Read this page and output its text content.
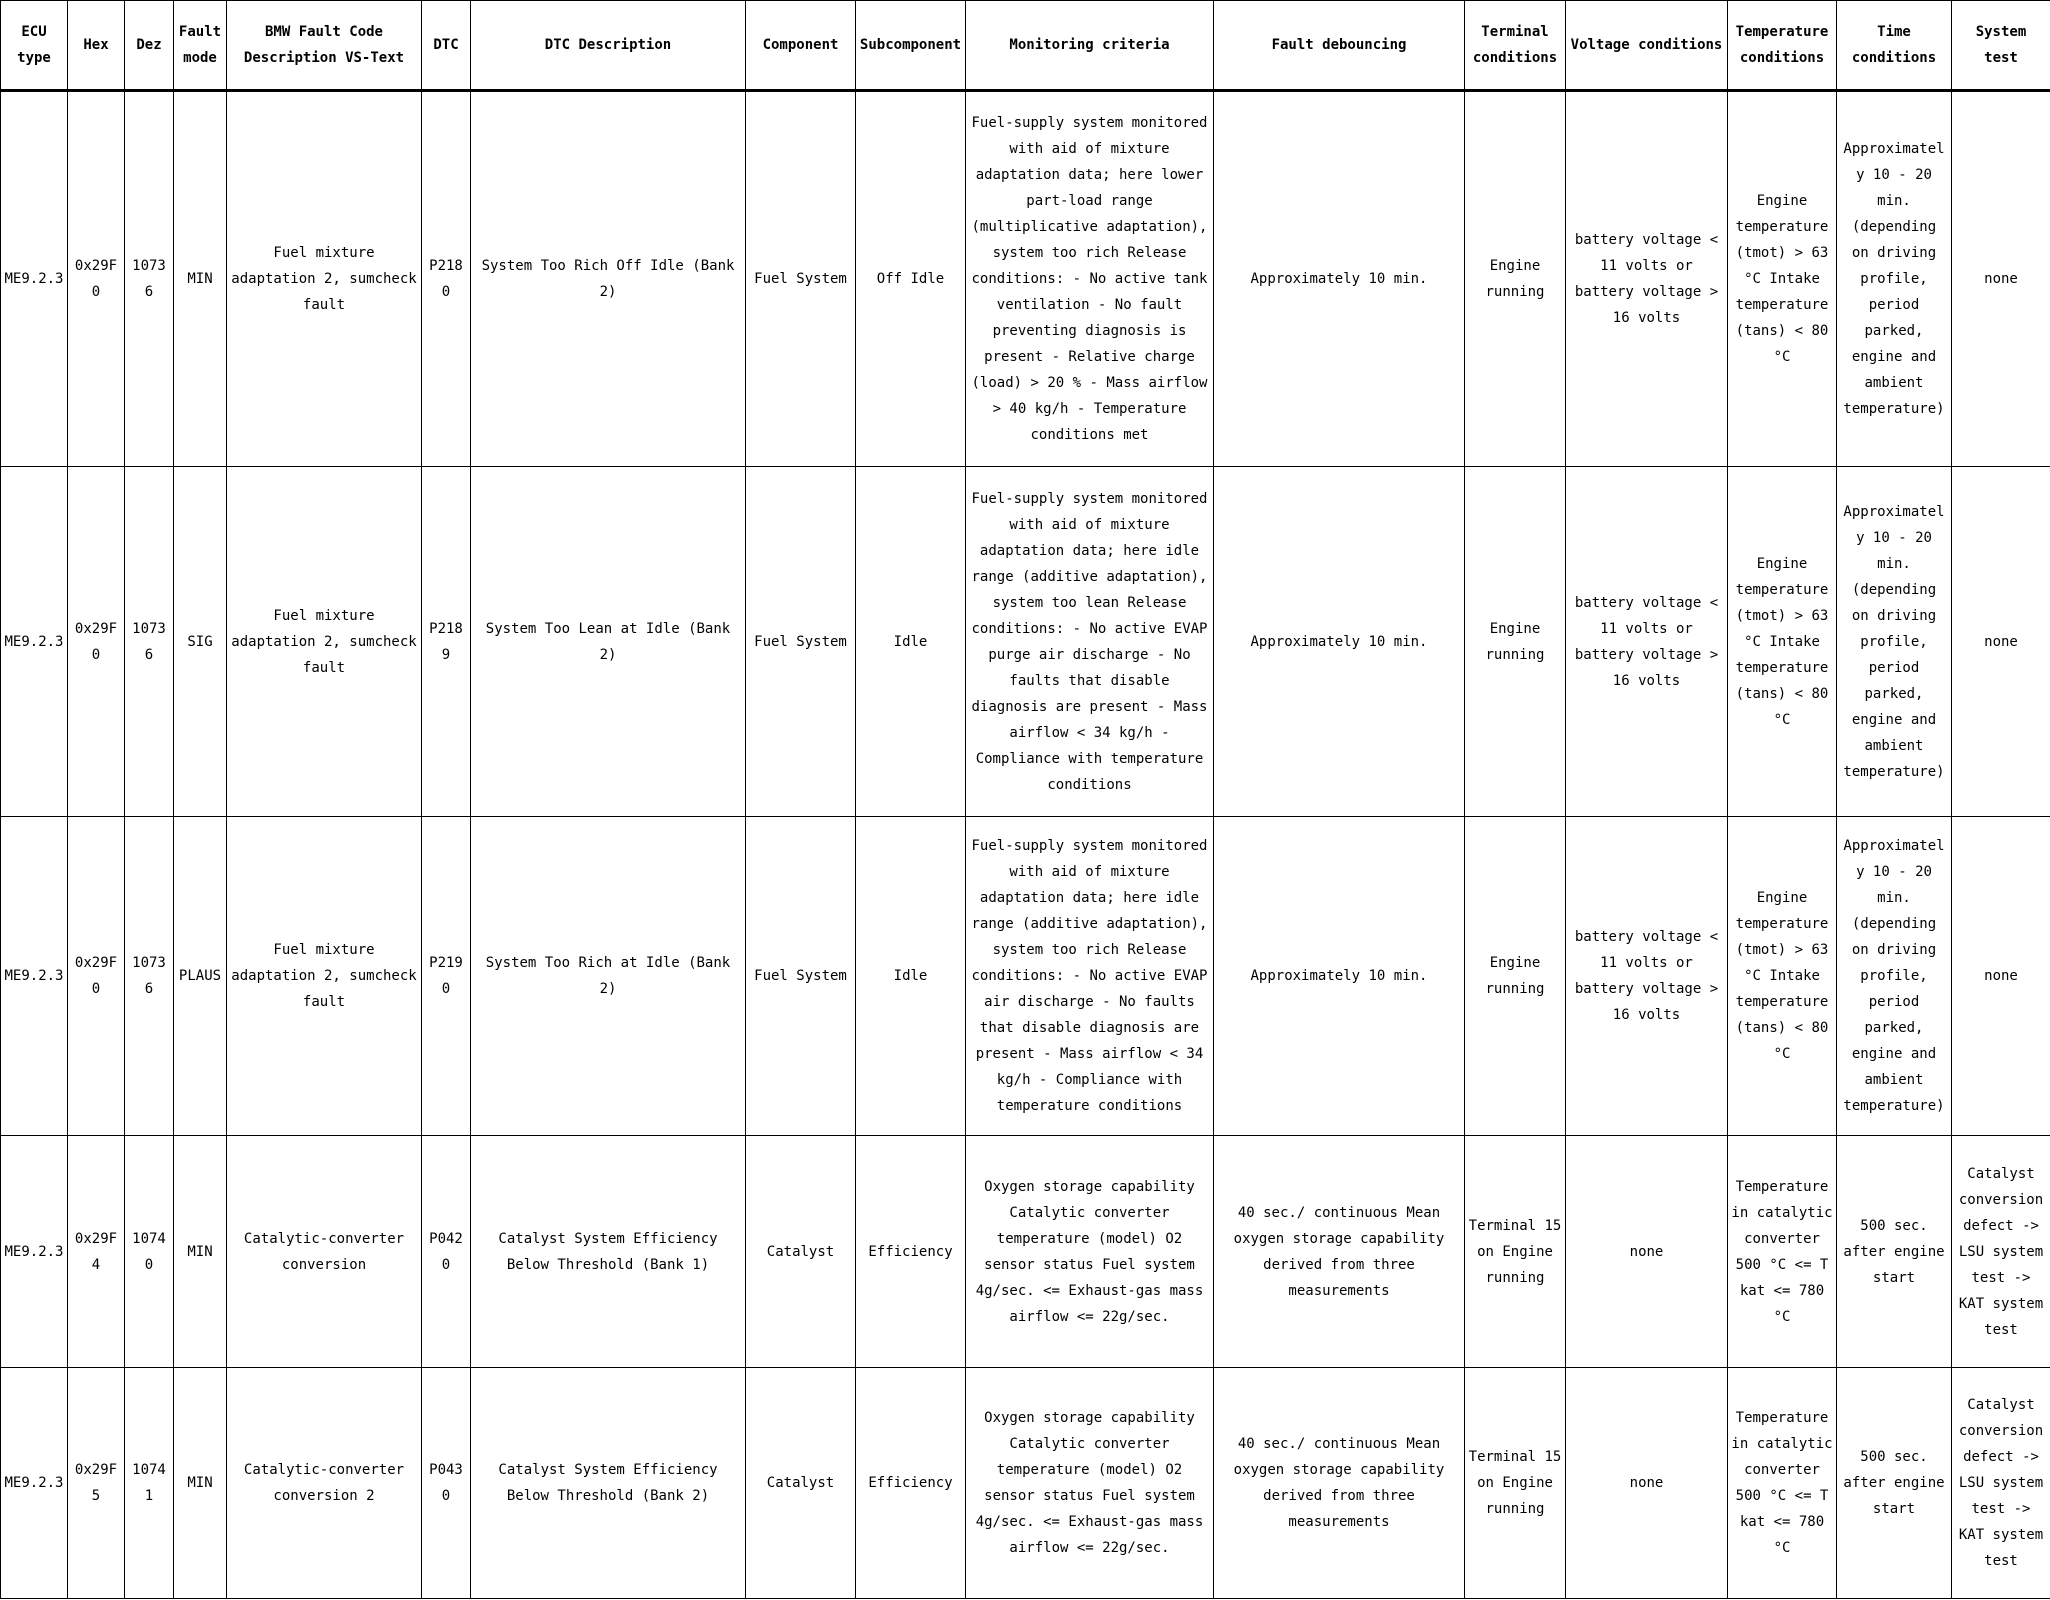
ECU type	Hex	Dez	Fault mode	BMW Fault Code Description VS-Text	DTC	DTC Description	Component	Subcomponent	Monitoring criteria	Fault debouncing	Terminal conditions	Voltage conditions	Temperature conditions	Time conditions	System test
ME9.2.3	0x29F0	10736	MIN	Fuel mixture adaptation 2, sumcheck fault	P2180	System Too Rich Off Idle (Bank 2)	Fuel System	Off Idle	Fuel-supply system monitored with aid of mixture adaptation data; here lower part-load range (multiplicative adaptation), system too rich Release conditions: - No active tank ventilation - No fault preventing diagnosis is present - Relative charge (load) > 20 % - Mass airflow > 40 kg/h - Temperature conditions met	Approximately 10 min.	Engine running	battery voltage < 11 volts or battery voltage > 16 volts	Engine temperature (tmot) > 63 °C Intake temperature (tans) < 80 °C	Approximately 10 - 20 min. (depending on driving profile, period parked, engine and ambient temperature)	none
ME9.2.3	0x29F0	10736	SIG	Fuel mixture adaptation 2, sumcheck fault	P2189	System Too Lean at Idle (Bank 2)	Fuel System	Idle	Fuel-supply system monitored with aid of mixture adaptation data; here idle range (additive adaptation), system too lean Release conditions: - No active EVAP purge air discharge - No faults that disable diagnosis are present - Mass airflow < 34 kg/h - Compliance with temperature conditions	Approximately 10 min.	Engine running	battery voltage < 11 volts or battery voltage > 16 volts	Engine temperature (tmot) > 63 °C Intake temperature (tans) < 80 °C	Approximately 10 - 20 min. (depending on driving profile, period parked, engine and ambient temperature)	none
ME9.2.3	0x29F0	10736	PLAUS	Fuel mixture adaptation 2, sumcheck fault	P2190	System Too Rich at Idle (Bank 2)	Fuel System	Idle	Fuel-supply system monitored with aid of mixture adaptation data; here idle range (additive adaptation), system too rich Release conditions: - No active EVAP air discharge - No faults that disable diagnosis are present - Mass airflow < 34 kg/h - Compliance with temperature conditions	Approximately 10 min.	Engine running	battery voltage < 11 volts or battery voltage > 16 volts	Engine temperature (tmot) > 63 °C Intake temperature (tans) < 80 °C	Approximately 10 - 20 min. (depending on driving profile, period parked, engine and ambient temperature)	none
ME9.2.3	0x29F4	10740	MIN	Catalytic-converter conversion	P0420	Catalyst System Efficiency Below Threshold (Bank 1)	Catalyst	Efficiency	Oxygen storage capability Catalytic converter temperature (model) O2 sensor status Fuel system 4g/sec. <= Exhaust-gas mass airflow <= 22g/sec.	40 sec./ continuous Mean oxygen storage capability derived from three measurements	Terminal 15 on Engine running	none	Temperature in catalytic converter 500 °C <= T kat <= 780 °C	500 sec. after engine start	Catalyst conversion defect -> LSU system test -> KAT system test
ME9.2.3	0x29F5	10741	MIN	Catalytic-converter conversion 2	P0430	Catalyst System Efficiency Below Threshold (Bank 2)	Catalyst	Efficiency	Oxygen storage capability Catalytic converter temperature (model) O2 sensor status Fuel system 4g/sec. <= Exhaust-gas mass airflow <= 22g/sec.	40 sec./ continuous Mean oxygen storage capability derived from three measurements	Terminal 15 on Engine running	none	Temperature in catalytic converter 500 °C <= T kat <= 780 °C	500 sec. after engine start	Catalyst conversion defect -> LSU system test -> KAT system test
